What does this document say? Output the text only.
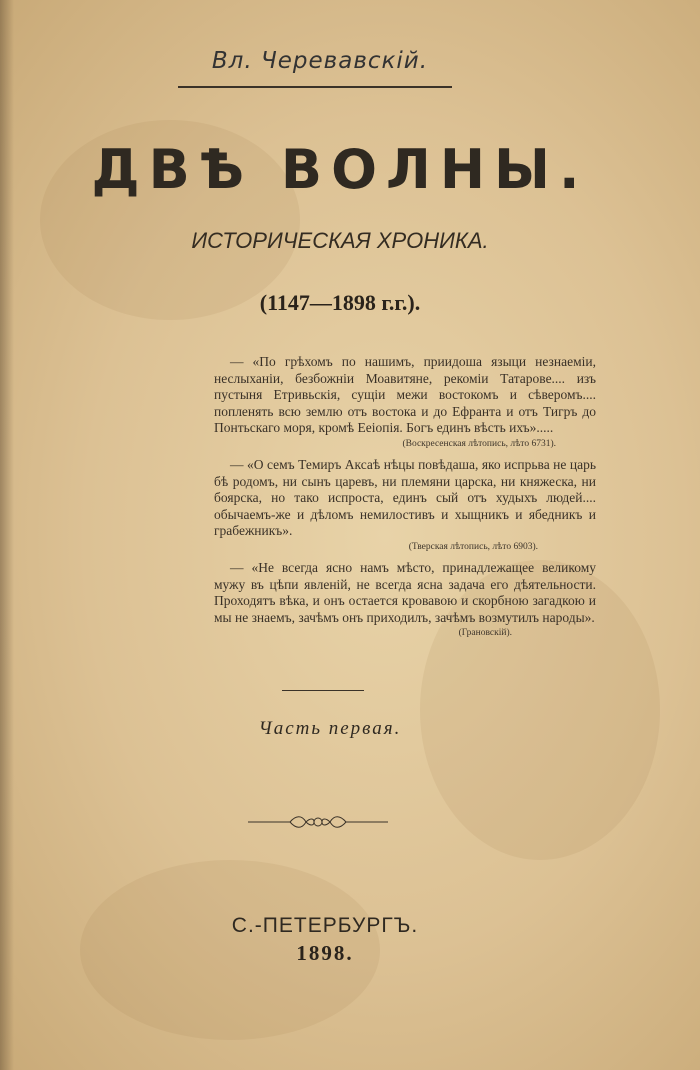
Вл. Черевавскій.
ДВѢ ВОЛНЫ.
ИСТОРИЧЕСКАЯ ХРОНИКА.
(1147—1898 г.г.).

— «По грѣхомъ по нашимъ, приидоша языци незнаеміи, неслыханіи, безбожніи Моавитяне, рекоміи Татарове.... изъ пустыня Етривьскія, сущіи межи востокомъ и сѣверомъ.... попленять всю землю отъ востока и до Ефранта и отъ Тигръ до Понтьскаго моря, кромѣ Ееіопія. Богъ единъ вѣсть ихъ».....

(Воскресенская лѣтопись, лѣто 6731).

— «О семъ Темиръ Аксаѣ нѣцы повѣдаша, яко испрьва не царь бѣ родомъ, ни сынъ царевъ, ни племяни царска, ни княжеска, ни боярска, но тако испроста, единъ сый отъ худыхъ людей.... обычаемъ-же и дѣломъ немилостивъ и хыщникъ и ябедникъ и грабежникъ».

(Тверская лѣтопись, лѣто 6903).

— «Не всегда ясно намъ мѣсто, принадлежащее великому мужу въ цѣпи явленій, не всегда ясна задача его дѣятельности. Проходятъ вѣка, и онъ остается кровавою и скорбною загадкою и мы не знаемъ, зачѣмъ онъ приходилъ, зачѣмъ возмутилъ народы».

(Грановскій).
Часть первая.
С.-ПЕТЕРБУРГЪ.
1898.
